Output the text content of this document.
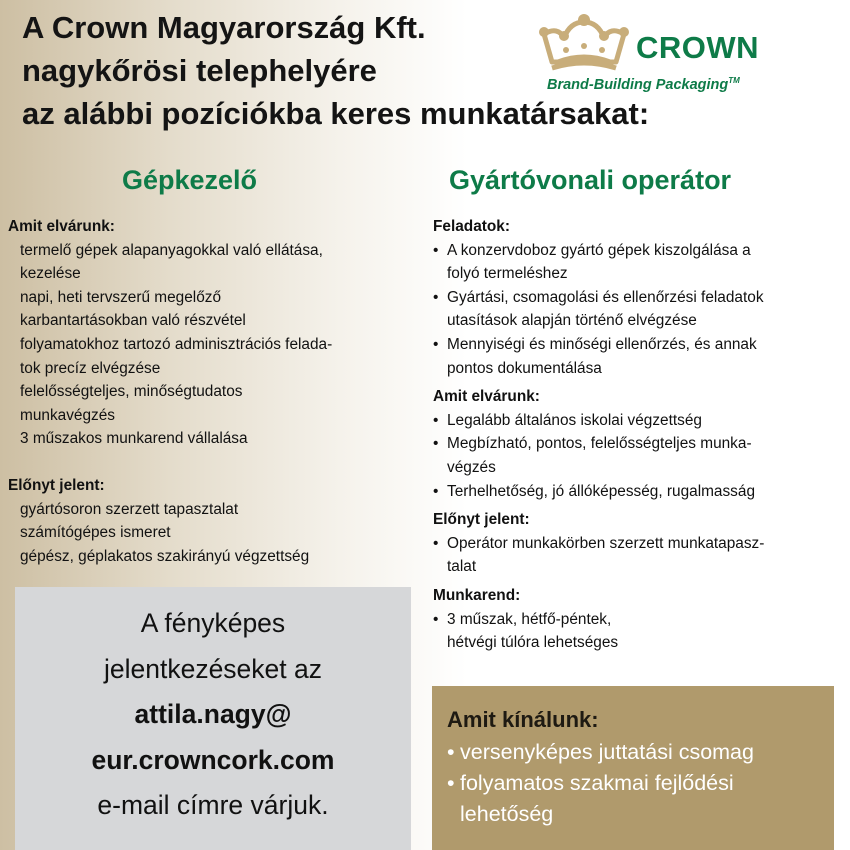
A Crown Magyarország Kft.
nagykőrösi telephelyére
az alábbi pozíciókba keres munkatársakat:
CROWN
Brand-Building Packaging™
Gépkezelő	Gyártóvonali operátor
Amit elvárunk:
termelő gépek alapanyagokkal való ellátása,
kezelése
napi, heti tervszerű megelőző
karbantartásokban való részvétel
folyamatokhoz tartozó adminisztrációs felada-
tok precíz elvégzése
felelősségteljes, minőségtudatos
munkavégzés
3 műszakos munkarend vállalása
Előnyt jelent:
gyártósoron szerzett tapasztalat
számítógépes ismeret
gépész, géplakatos szakirányú végzettség
Feladatok:
• A konzervdoboz gyártó gépek kiszolgálása a
folyó termeléshez
• Gyártási, csomagolási és ellenőrzési feladatok
utasítások alapján történő elvégzése
• Mennyiségi és minőségi ellenőrzés, és annak
pontos dokumentálása
Amit elvárunk:
• Legalább általános iskolai végzettség
• Megbízható, pontos, felelősségteljes munka-
végzés
• Terhelhetőség, jó állóképesség, rugalmasság
Előnyt jelent:
• Operátor munkakörben szerzett munkatapasz-
talat
Munkarend:
• 3 műszak, hétfő-péntek,
hétvégi túlóra lehetséges
A fényképes
jelentkezéseket az
attila.nagy@
eur.crowncork.com
e-mail címre várjuk.
Amit kínálunk:
• versenyképes juttatási csomag
• folyamatos szakmai fejlődési
lehetőség
